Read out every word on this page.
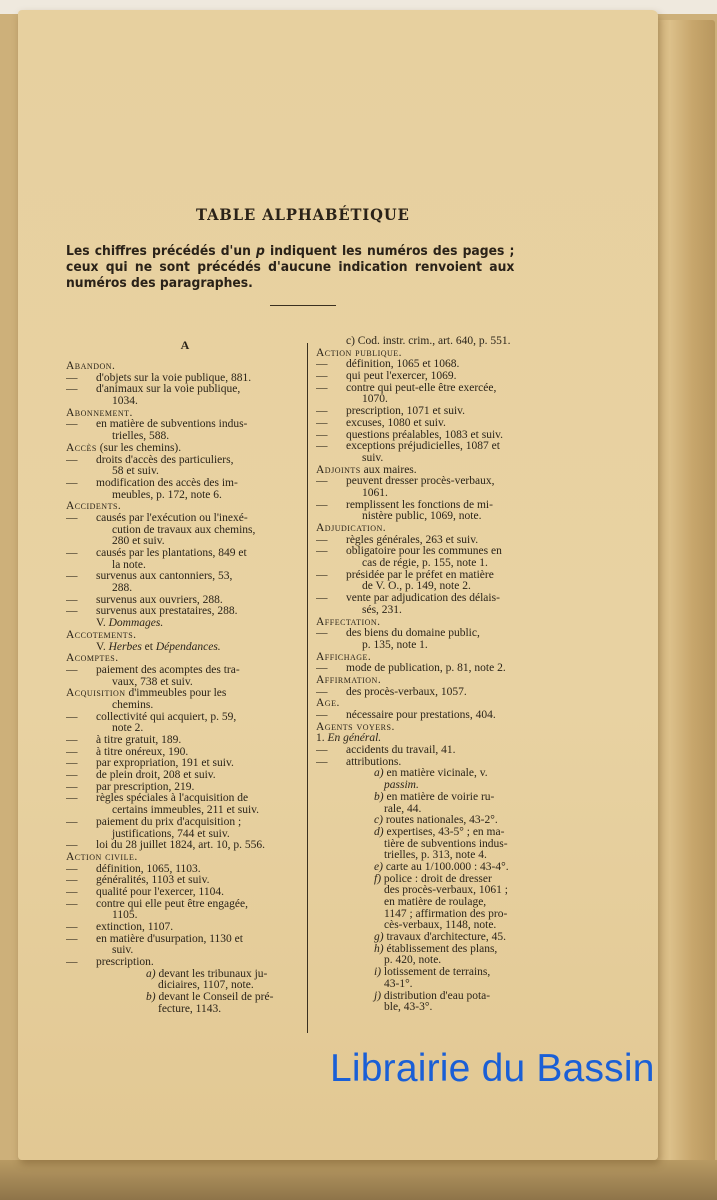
TABLE ALPHABÉTIQUE
Les chiffres précédés d'un p indiquent les numéros des pages ; ceux qui ne sont précédés d'aucune indication renvoient aux numéros des paragraphes.
A
Abandon.
— d'objets sur la voie publique, 881.
— d'animaux sur la voie publique,
1034.
Abonnement.
— en matière de subventions indus-
trielles, 588.
Accès (sur les chemins).
— droits d'accès des particuliers,
58 et suiv.
— modification des accès des im-
meubles, p. 172, note 6.
Accidents.
— causés par l'exécution ou l'inexé-
cution de travaux aux chemins,
280 et suiv.
— causés par les plantations, 849 et
la note.
— survenus aux cantonniers, 53,
288.
— survenus aux ouvriers, 288.
— survenus aux prestataires, 288.
V. Dommages.
Accotements.
V. Herbes et Dépendances.
Acomptes.
— paiement des acomptes des tra-
vaux, 738 et suiv.
Acquisition d'immeubles pour les
chemins.
— collectivité qui acquiert, p. 59,
note 2.
— à titre gratuit, 189.
— à titre onéreux, 190.
— par expropriation, 191 et suiv.
— de plein droit, 208 et suiv.
— par prescription, 219.
— règles spéciales à l'acquisition de
certains immeubles, 211 et suiv.
— paiement du prix d'acquisition ;
justifications, 744 et suiv.
— loi du 28 juillet 1824, art. 10, p. 556.
Action civile.
— définition, 1065, 1103.
— généralités, 1103 et suiv.
— qualité pour l'exercer, 1104.
— contre qui elle peut être engagée,
1105.
— extinction, 1107.
— en matière d'usurpation, 1130 et
suiv.
— prescription.
a) devant les tribunaux ju-
diciaires, 1107, note.
b) devant le Conseil de pré-
fecture, 1143.
c) Cod. instr. crim., art. 640, p. 551.
Action publique.
— définition, 1065 et 1068.
— qui peut l'exercer, 1069.
— contre qui peut-elle être exercée,
1070.
— prescription, 1071 et suiv.
— excuses, 1080 et suiv.
— questions préalables, 1083 et suiv.
— exceptions préjudicielles, 1087 et
suiv.
Adjoints aux maires.
— peuvent dresser procès-verbaux,
1061.
— remplissent les fonctions de mi-
nistère public, 1069, note.
Adjudication.
— règles générales, 263 et suiv.
— obligatoire pour les communes en
cas de régie, p. 155, note 1.
— présidée par le préfet en matière
de V. O., p. 149, note 2.
— vente par adjudication des délais-
sés, 231.
Affectation.
— des biens du domaine public,
p. 135, note 1.
Affichage.
— mode de publication, p. 81, note 2.
Affirmation.
— des procès-verbaux, 1057.
Age.
— nécessaire pour prestations, 404.
Agents voyers.
1. En général.
— accidents du travail, 41.
— attributions.
a) en matière vicinale, v.
passim.
b) en matière de voirie ru-
rale, 44.
c) routes nationales, 43-2°.
d) expertises, 43-5° ; en ma-
tière de subventions indus-
trielles, p. 313, note 4.
e) carte au 1/100.000 : 43-4°.
f) police : droit de dresser
des procès-verbaux, 1061 ;
en matière de roulage,
1147 ; affirmation des pro-
cès-verbaux, 1148, note.
g) travaux d'architecture, 45.
h) établissement des plans,
p. 420, note.
i) lotissement de terrains,
43-1°.
j) distribution d'eau pota-
ble, 43-3°.
Librairie du Bassin
